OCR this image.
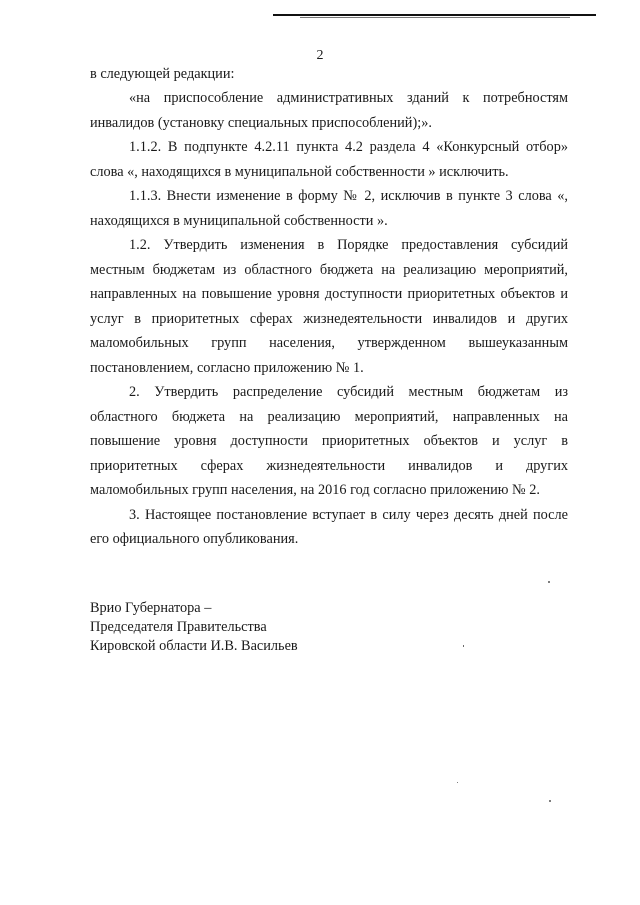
2

в следующей редакции:

«на приспособление административных зданий к потребностям инвалидов (установку специальных приспособлений);».

1.1.2. В подпункте 4.2.11 пункта 4.2 раздела 4 «Конкурсный отбор» слова «, находящихся в муниципальной собственности » исключить.

1.1.3. Внести изменение в форму № 2, исключив в пункте 3 слова «, находящихся в муниципальной собственности ».

1.2. Утвердить изменения в Порядке предоставления субсидий местным бюджетам из областного бюджета на реализацию мероприятий, направленных на повышение уровня доступности приоритетных объектов и услуг в приоритетных сферах жизнедеятельности инвалидов и других маломобильных групп населения, утвержденном вышеуказанным постановлением, согласно приложению № 1.

2. Утвердить распределение субсидий местным бюджетам из областного бюджета на реализацию мероприятий, направленных на повышение уровня доступности приоритетных объектов и услуг в приоритетных сферах жизнедеятельности инвалидов и других маломобильных групп населения, на 2016 год согласно приложению № 2.

3. Настоящее постановление вступает в силу через десять дней после его официального опубликования.

Врио Губернатора –
Председателя Правительства
Кировской области И.В. Васильев
